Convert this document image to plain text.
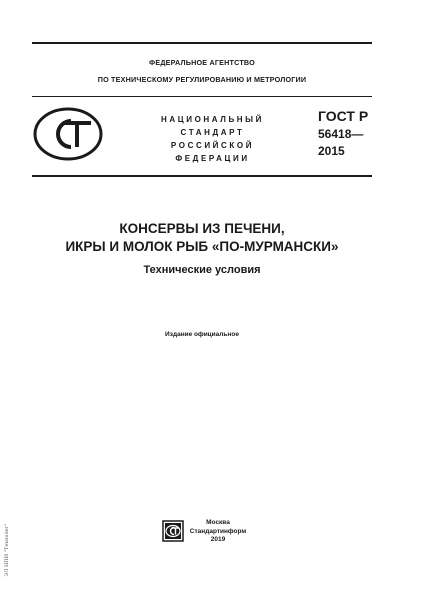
ФЕДЕРАЛЬНОЕ АГЕНТСТВО
ПО ТЕХНИЧЕСКОМУ РЕГУЛИРОВАНИЮ И МЕТРОЛОГИИ
НАЦИОНАЛЬНЫЙ
СТАНДАРТ
РОССИЙСКОЙ
ФЕДЕРАЦИИ
ГОСТ Р
56418—
2015
КОНСЕРВЫ ИЗ ПЕЧЕНИ,
ИКРЫ И МОЛОК РЫБ «ПО-МУРМАНСКИ»
Технические условия
Издание официальное
Москва
Стандартинформ
2019
ЭЛ НПИ "Технолег"
